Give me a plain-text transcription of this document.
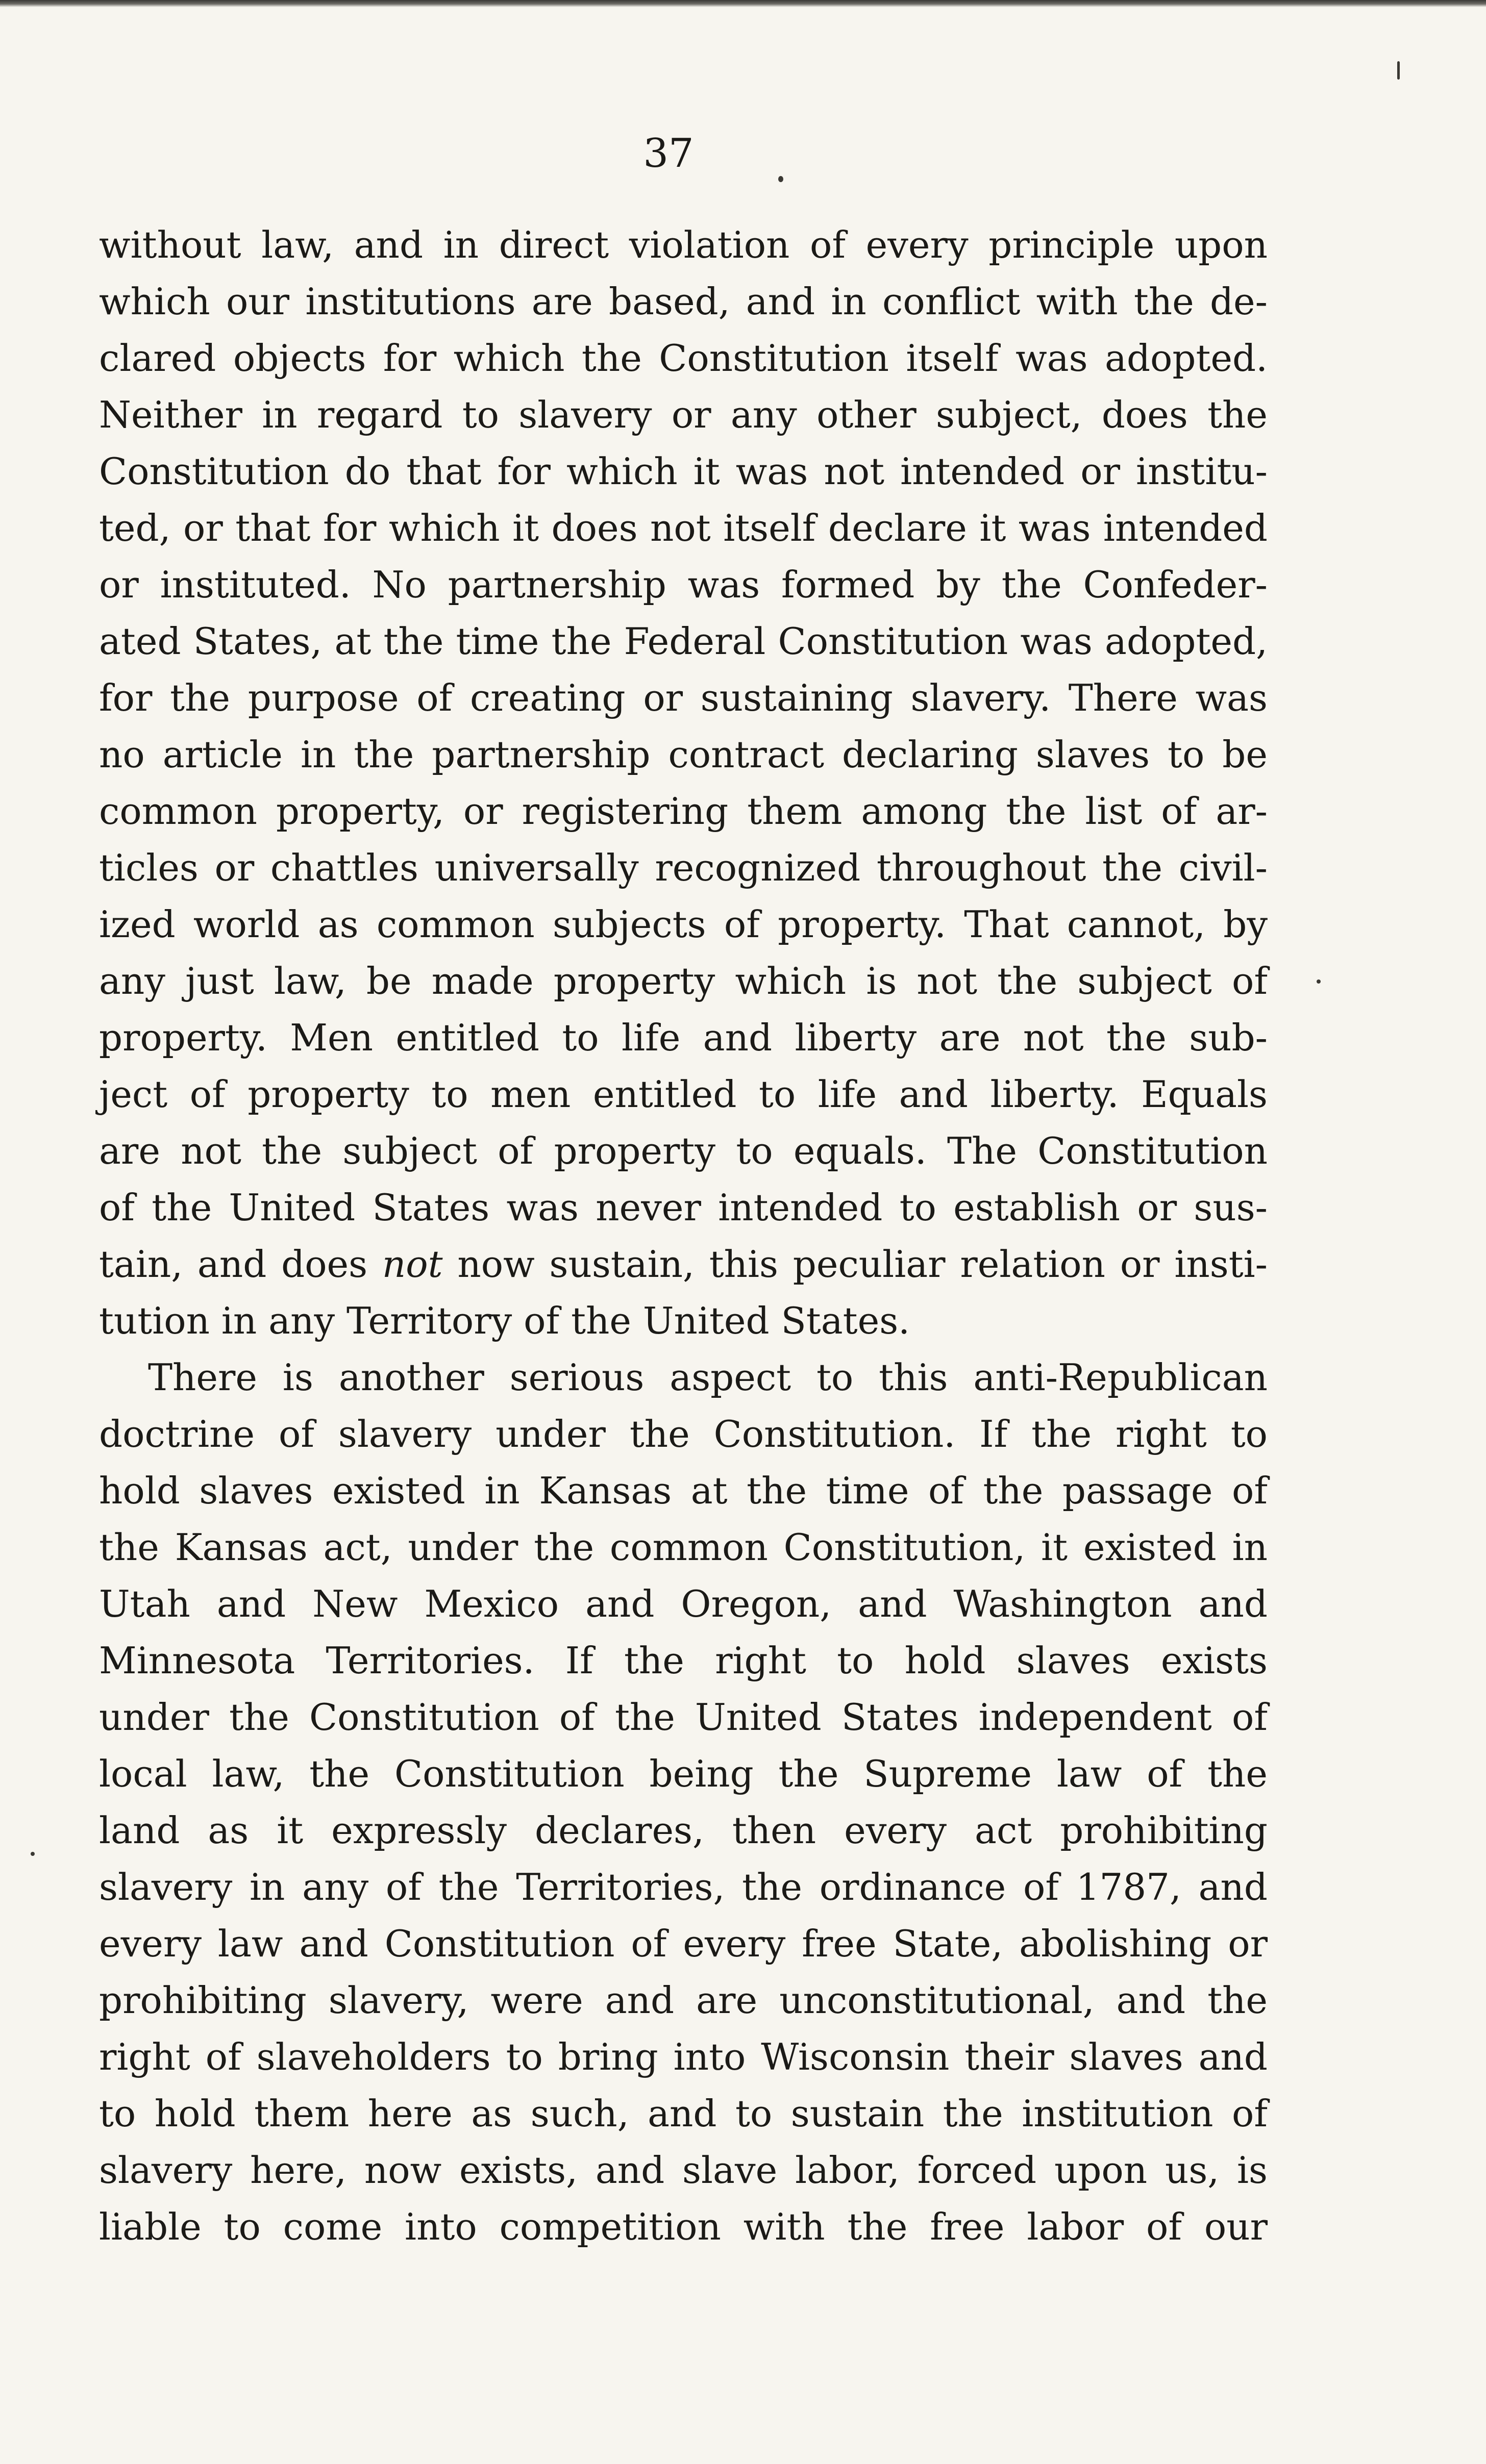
37
without law, and in direct violation of every principle upon
which our institutions are based, and in conflict with the de-
clared objects for which the Constitution itself was adopted.
Neither in regard to slavery or any other subject, does the
Constitution do that for which it was not intended or institu-
ted, or that for which it does not itself declare it was intended
or instituted. No partnership was formed by the Confeder-
ated States, at the time the Federal Constitution was adopted,
for the purpose of creating or sustaining slavery. There was
no article in the partnership contract declaring slaves to be
common property, or registering them among the list of ar-
ticles or chattles universally recognized throughout the civil-
ized world as common subjects of property. That cannot, by
any just law, be made property which is not the subject of
property. Men entitled to life and liberty are not the sub-
ject of property to men entitled to life and liberty. Equals
are not the subject of property to equals. The Constitution
of the United States was never intended to establish or sus-
tain, and does not now sustain, this peculiar relation or insti-
tution in any Territory of the United States.
There is another serious aspect to this anti-Republican
doctrine of slavery under the Constitution. If the right to
hold slaves existed in Kansas at the time of the passage of
the Kansas act, under the common Constitution, it existed in
Utah and New Mexico and Oregon, and Washington and
Minnesota Territories. If the right to hold slaves exists
under the Constitution of the United States independent of
local law, the Constitution being the Supreme law of the
land as it expressly declares, then every act prohibiting
slavery in any of the Territories, the ordinance of 1787, and
every law and Constitution of every free State, abolishing or
prohibiting slavery, were and are unconstitutional, and the
right of slaveholders to bring into Wisconsin their slaves and
to hold them here as such, and to sustain the institution of
slavery here, now exists, and slave labor, forced upon us, is
liable to come into competition with the free labor of our
